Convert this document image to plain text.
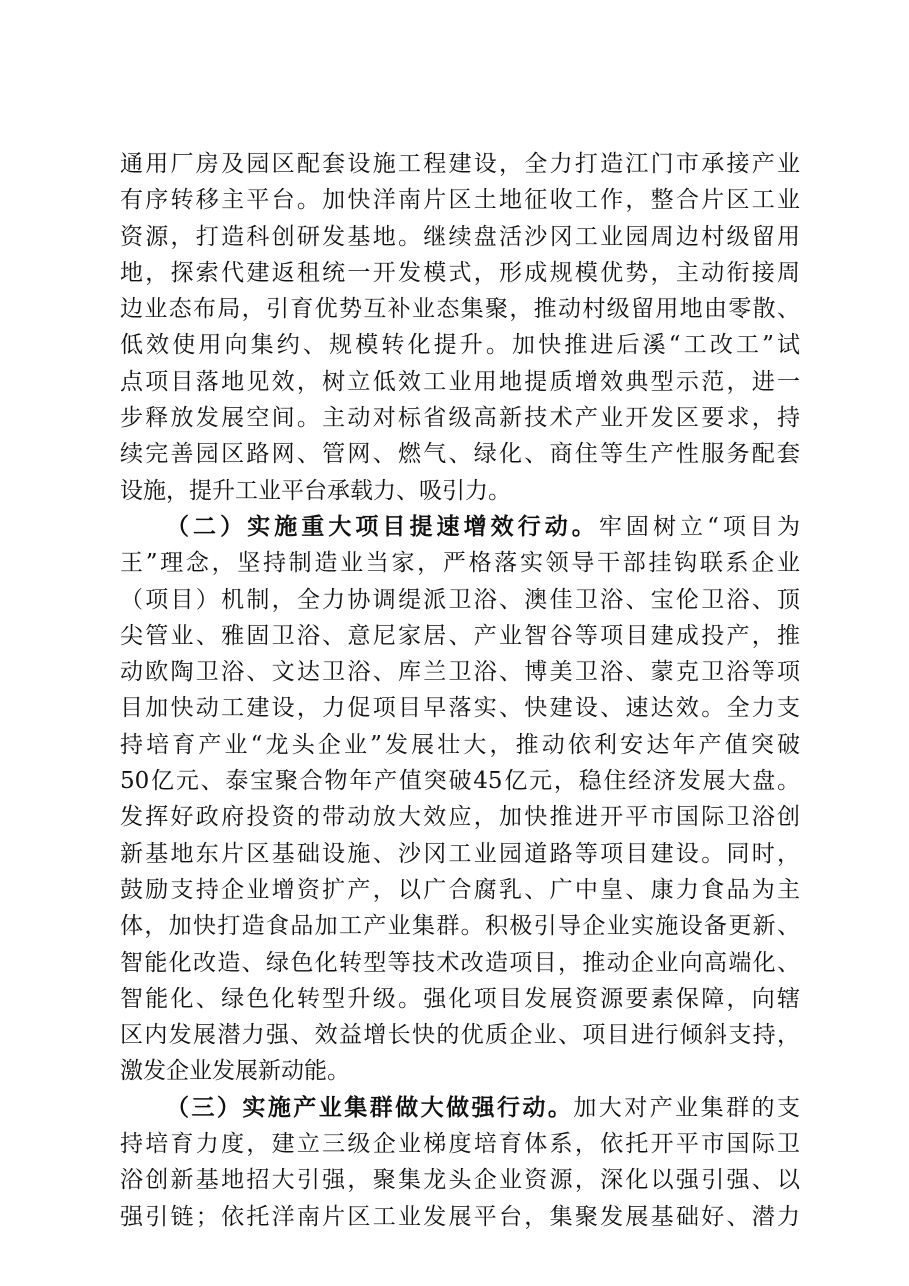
通用厂房及园区配套设施工程建设，全力打造江门市承接产业
有序转移主平台。加快洋南片区土地征收工作，整合片区工业
资源，打造科创研发基地。继续盘活沙冈工业园周边村级留用
地，探索代建返租统一开发模式，形成规模优势，主动衔接周
边业态布局，引育优势互补业态集聚，推动村级留用地由零散、
低效使用向集约、规模转化提升。加快推进后溪“工改工”试
点项目落地见效，树立低效工业用地提质增效典型示范，进一
步释放发展空间。主动对标省级高新技术产业开发区要求，持
续完善园区路网、管网、燃气、绿化、商住等生产性服务配套
设施，提升工业平台承载力、吸引力。
（二）实施重大项目提速增效行动。牢固树立“项目为
王”理念，坚持制造业当家，严格落实领导干部挂钩联系企业
（项目）机制，全力协调缇派卫浴、澳佳卫浴、宝伦卫浴、顶
尖管业、雅固卫浴、意尼家居、产业智谷等项目建成投产，推
动欧陶卫浴、文达卫浴、库兰卫浴、博美卫浴、蒙克卫浴等项
目加快动工建设，力促项目早落实、快建设、速达效。全力支
持培育产业“龙头企业”发展壮大，推动依利安达年产值突破
50亿元、泰宝聚合物年产值突破45亿元，稳住经济发展大盘。
发挥好政府投资的带动放大效应，加快推进开平市国际卫浴创
新基地东片区基础设施、沙冈工业园道路等项目建设。同时，
鼓励支持企业增资扩产，以广合腐乳、广中皇、康力食品为主
体，加快打造食品加工产业集群。积极引导企业实施设备更新、
智能化改造、绿色化转型等技术改造项目，推动企业向高端化、
智能化、绿色化转型升级。强化项目发展资源要素保障，向辖
区内发展潜力强、效益增长快的优质企业、项目进行倾斜支持，
激发企业发展新动能。
（三）实施产业集群做大做强行动。加大对产业集群的支
持培育力度，建立三级企业梯度培育体系，依托开平市国际卫
浴创新基地招大引强，聚集龙头企业资源，深化以强引强、以
强引链；依托洋南片区工业发展平台，集聚发展基础好、潜力
